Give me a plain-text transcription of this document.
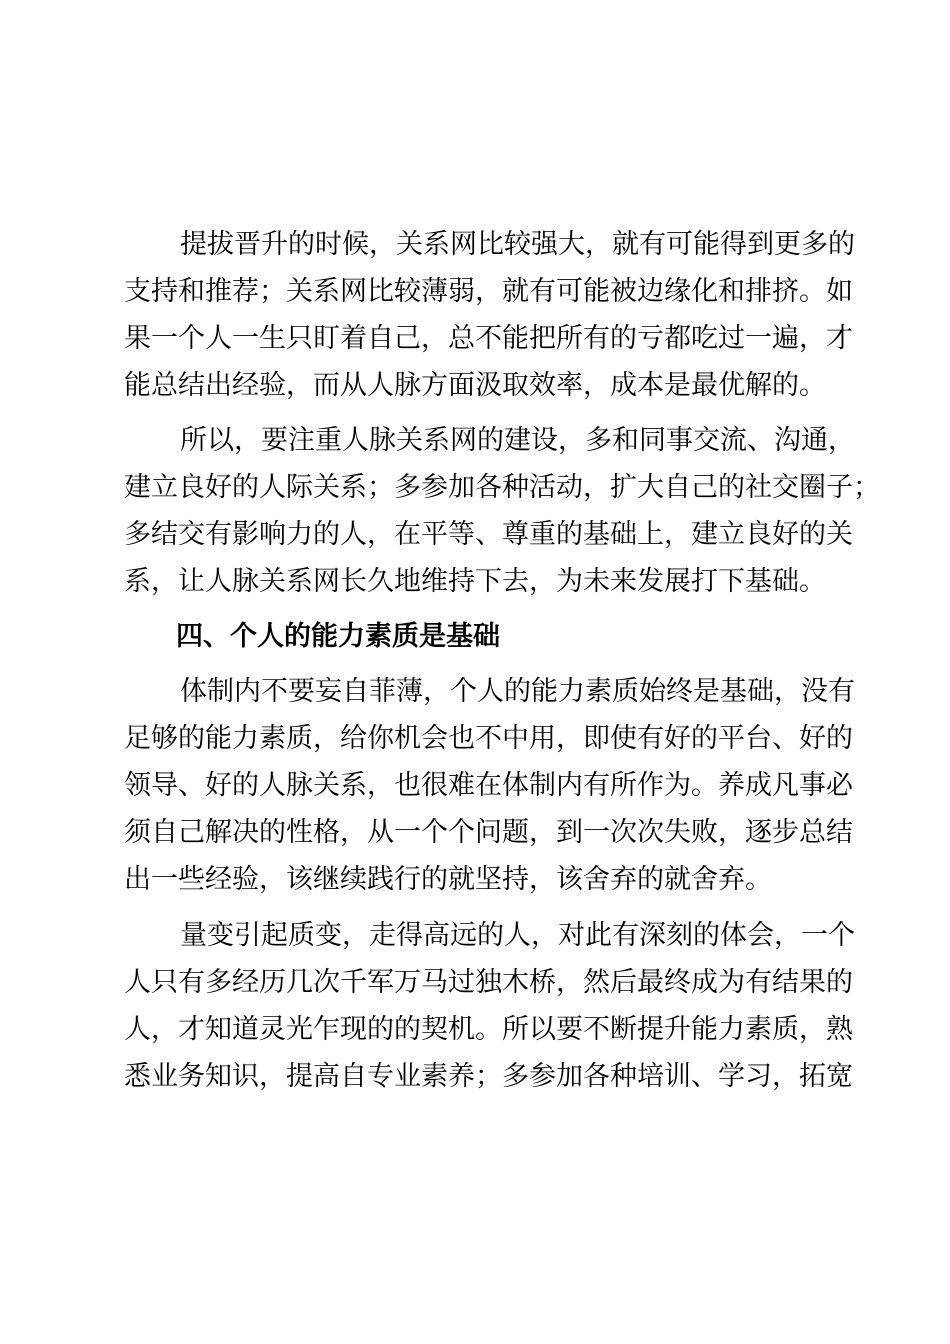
提拔晋升的时候，关系网比较强大，就有可能得到更多的
支持和推荐；关系网比较薄弱，就有可能被边缘化和排挤。如
果一个人一生只盯着自己，总不能把所有的亏都吃过一遍，才
能总结出经验，而从人脉方面汲取效率，成本是最优解的。
所以，要注重人脉关系网的建设，多和同事交流、沟通，
建立良好的人际关系；多参加各种活动，扩大自己的社交圈子；
多结交有影响力的人，在平等、尊重的基础上，建立良好的关
系，让人脉关系网长久地维持下去，为未来发展打下基础。
四、个人的能力素质是基础
体制内不要妄自菲薄，个人的能力素质始终是基础，没有
足够的能力素质，给你机会也不中用，即使有好的平台、好的
领导、好的人脉关系，也很难在体制内有所作为。养成凡事必
须自己解决的性格，从一个个问题，到一次次失败，逐步总结
出一些经验，该继续践行的就坚持，该舍弃的就舍弃。
量变引起质变，走得高远的人，对此有深刻的体会，一个
人只有多经历几次千军万马过独木桥，然后最终成为有结果的
人，才知道灵光乍现的的契机。所以要不断提升能力素质，熟
悉业务知识，提高自专业素养；多参加各种培训、学习，拓宽
